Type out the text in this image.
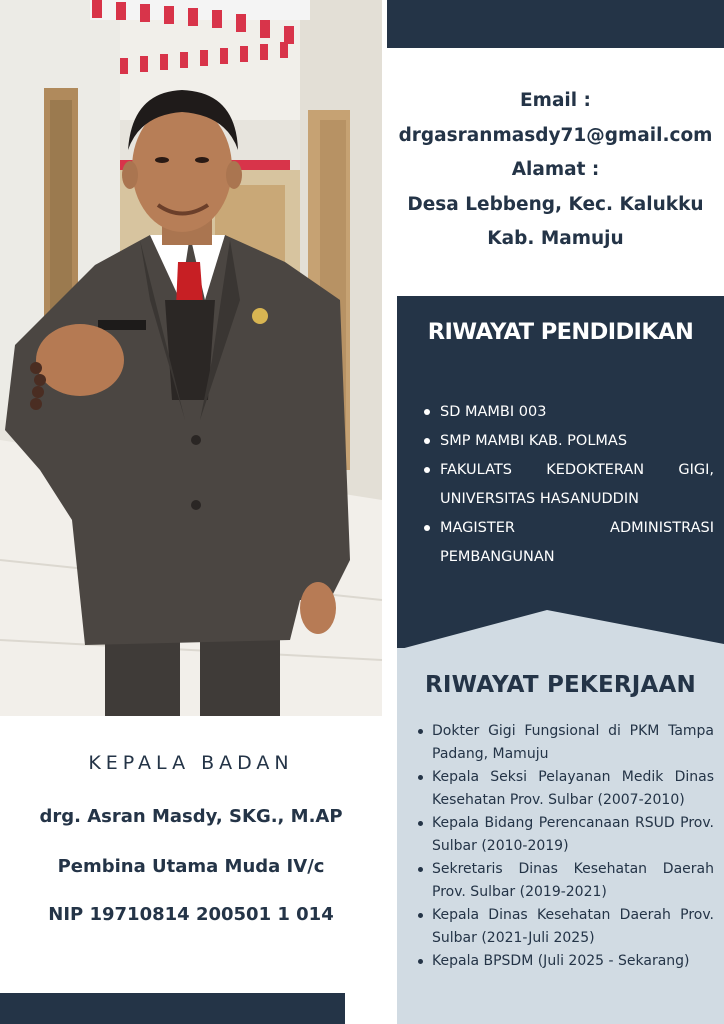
Email :
drgasranmasdy71@gmail.com
Alamat :
Desa Lebbeng, Kec. Kalukku
Kab. Mamuju
RIWAYAT PENDIDIKAN
SD MAMBI 003
SMP MAMBI KAB. POLMAS
FAKULATS KEDOKTERAN GIGI, UNIVERSITAS HASANUDDIN
MAGISTER ADMINISTRASI PEMBANGUNAN
RIWAYAT PEKERJAAN
Dokter Gigi Fungsional di PKM Tampa Padang, Mamuju
Kepala Seksi Pelayanan Medik Dinas Kesehatan Prov. Sulbar (2007-2010)
Kepala Bidang Perencanaan RSUD Prov. Sulbar (2010-2019)
Sekretaris Dinas Kesehatan Daerah Prov. Sulbar (2019-2021)
Kepala Dinas Kesehatan Daerah Prov. Sulbar (2021-Juli 2025)
Kepala BPSDM (Juli 2025 - Sekarang)
KEPALA BADAN
drg. Asran Masdy, SKG., M.AP
Pembina Utama Muda IV/c
NIP 19710814 200501 1 014
